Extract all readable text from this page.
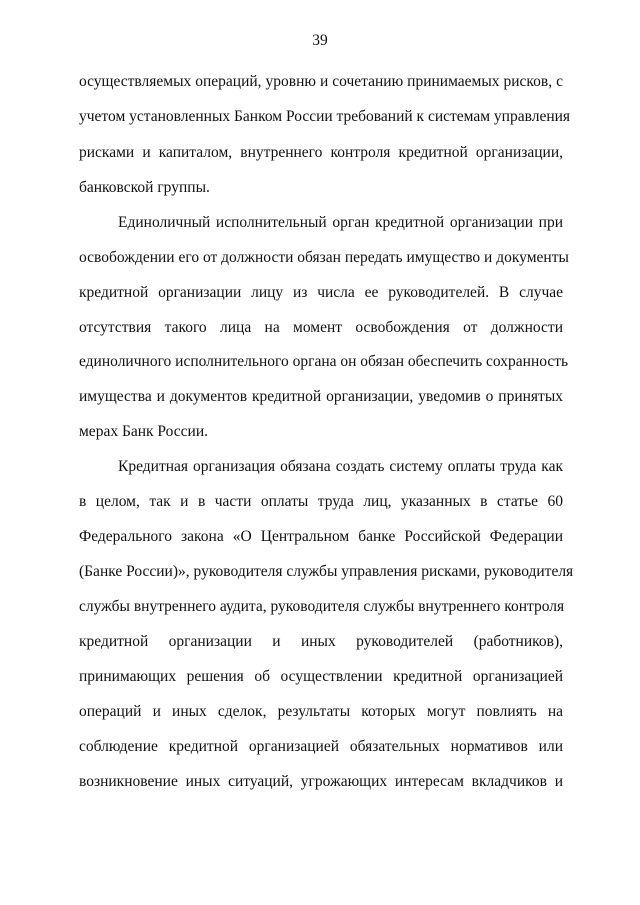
39
осуществляемых операций, уровню и сочетанию принимаемых рисков, с
учетом установленных Банком России требований к системам управления
рисками и капиталом, внутреннего контроля кредитной организации,
банковской группы.
Единоличный исполнительный орган кредитной организации при
освобождении его от должности обязан передать имущество и документы
кредитной организации лицу из числа ее руководителей. В случае
отсутствия такого лица на момент освобождения от должности
единоличного исполнительного органа он обязан обеспечить сохранность
имущества и документов кредитной организации, уведомив о принятых
мерах Банк России.
Кредитная организация обязана создать систему оплаты труда как
в целом, так и в части оплаты труда лиц, указанных в статье 60
Федерального закона «О Центральном банке Российской Федерации
(Банке России)», руководителя службы управления рисками, руководителя
службы внутреннего аудита, руководителя службы внутреннего контроля
кредитной организации и иных руководителей (работников),
принимающих решения об осуществлении кредитной организацией
операций и иных сделок, результаты которых могут повлиять на
соблюдение кредитной организацией обязательных нормативов или
возникновение иных ситуаций, угрожающих интересам вкладчиков и
